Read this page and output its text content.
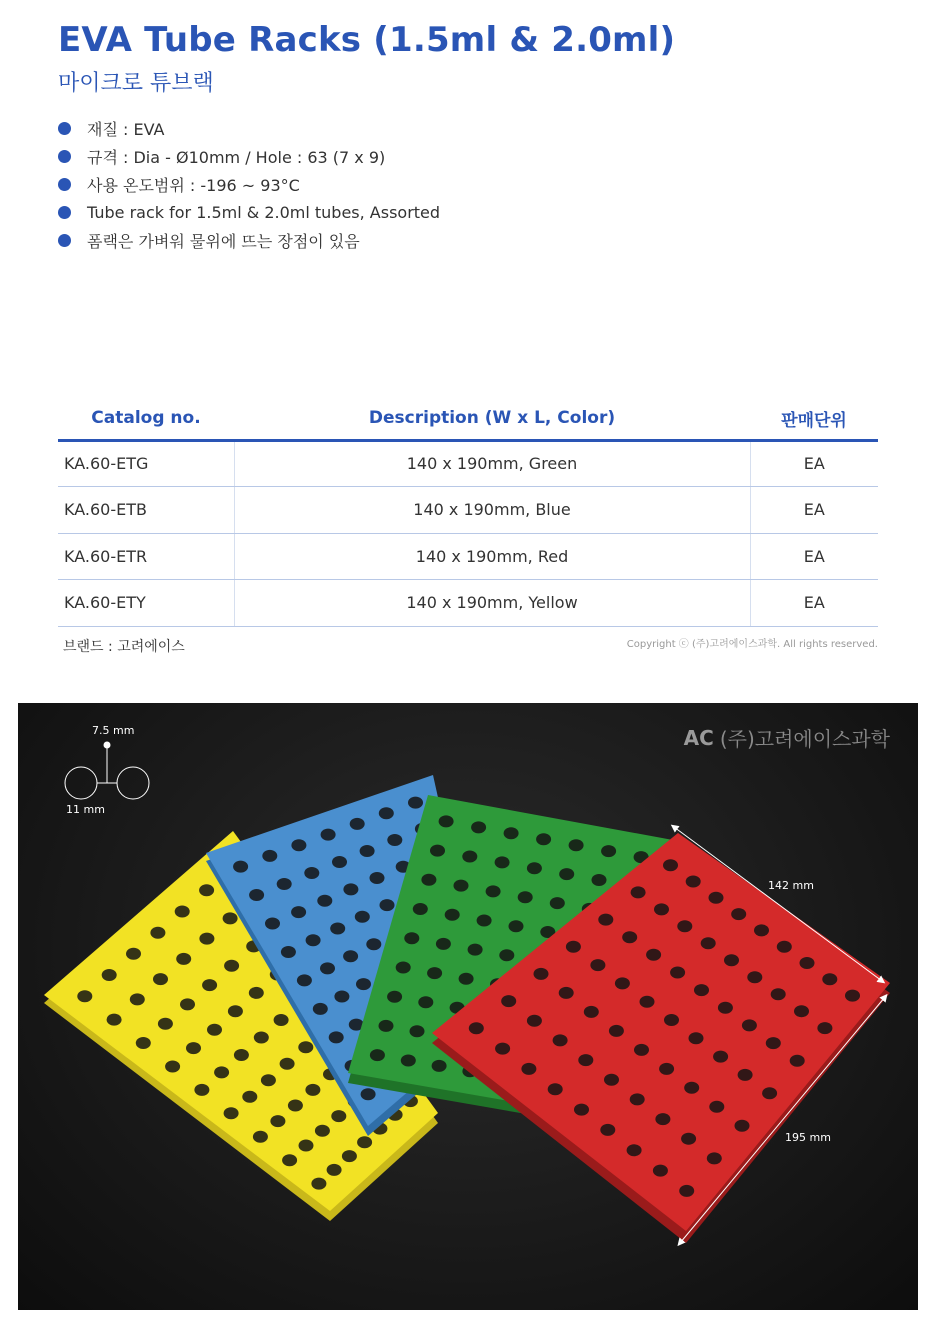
EVA Tube Racks (1.5ml & 2.0ml)
마이크로 튜브랙
재질 : EVA
규격 : Dia - Ø10mm / Hole : 63 (7 x 9)
사용 온도범위 : -196 ~ 93°C
Tube rack for 1.5ml & 2.0ml tubes, Assorted
폼랙은 가벼워 물위에 뜨는 장점이 있음
Catalog no.	Description (W x L, Color)	판매단위
KA.60-ETG	140 x 190mm, Green	EA
KA.60-ETB	140 x 190mm, Blue	EA
KA.60-ETR	140 x 190mm, Red	EA
KA.60-ETY	140 x 190mm, Yellow	EA
브랜드 : 고려에이스	Copyright ⓒ (주)고려에이스과학. All rights reserved.
7.5 mm
11 mm
142 mm
195 mm
AC (주)고려에이스과학
